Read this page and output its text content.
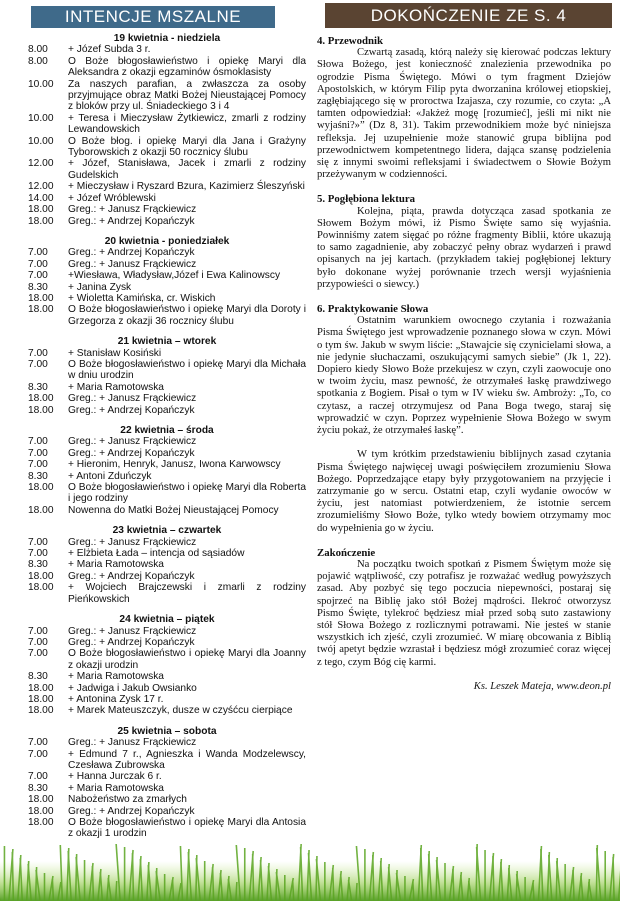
INTENCJE MSZALNE
19 kwietnia - niedziela
8.00	+ Józef Subda 3 r.
8.00	O Boże błogosławieństwo i opiekę Maryi dla Aleksandra z okazji egzaminów ósmoklasisty
10.00	Za naszych parafian, a zwłaszcza za osoby przyjmujące obraz Matki Bożej Nieustającej Pomocy z bloków przy ul. Śniadeckiego 3 i 4
10.00	+ Teresa i Mieczysław Żytkiewicz, zmarli z rodziny Lewandowskich
10.00	O Boże błog. i opiekę Maryi dla Jana i Grażyny Tyborowskich z okazji 50 rocznicy ślubu
12.00	+ Józef, Stanisława, Jacek i zmarli z rodziny Gudelskich
12.00	+ Mieczysław i Ryszard Bzura, Kazimierz Śleszyński
14.00	+ Józef Wróblewski
18.00	Greg.: + Janusz Frąckiewicz
18.00	Greg.: + Andrzej Kopańczyk
20 kwietnia - poniedziałek
7.00	Greg.: + Andrzej Kopańczyk
7.00	Greg.: + Janusz Frąckiewicz
7.00	+Wiesława, Władysław,Józef i Ewa Kalinowscy
8.30	+ Janina Zysk
18.00	+ Wioletta Kamińska, cr. Wiskich
18.00	O Boże błogosławieństwo i opiekę Maryi dla Doroty i Grzegorza z okazji 36 rocznicy ślubu
21 kwietnia – wtorek
7.00	+ Stanisław Kosiński
7.00	O Boże błogosławieństwo i opiekę Maryi dla Michała w dniu urodzin
8.30	+ Maria Ramotowska
18.00	Greg.: + Janusz Frąckiewicz
18.00	Greg.: + Andrzej Kopańczyk
22 kwietnia – środa
7.00	Greg.: + Janusz Frąckiewicz
7.00	Greg.: + Andrzej Kopańczyk
7.00	+ Hieronim, Henryk, Janusz, Iwona Karwowscy
8.30	+ Antoni Zduńczyk
18.00	O Boże błogosławieństwo i opiekę Maryi dla Roberta i jego rodziny
18.00	Nowenna do Matki Bożej Nieustającej Pomocy
23 kwietnia – czwartek
7.00	Greg.: + Janusz Frąckiewicz
7.00	+ Elżbieta Łada – intencja od sąsiadów
8.30	+ Maria Ramotowska
18.00	Greg.: + Andrzej Kopańczyk
18.00	+ Wojciech Brajczewski i zmarli z rodziny Pieńkowskich
24 kwietnia – piątek
7.00	Greg.: + Janusz Frąckiewicz
7.00	Greg.: + Andrzej Kopańczyk
7.00	O Boże błogosławieństwo i opiekę Maryi dla Joanny z okazji urodzin
8.30	+ Maria Ramotowska
18.00	+ Jadwiga i Jakub Owsianko
18.00	+ Antonina Zysk 17 r.
18.00	+ Marek Mateuszczyk, dusze w czyśćcu cierpiące
25 kwietnia – sobota
7.00	Greg.: + Janusz Frąckiewicz
7.00	+ Edmund 7 r., Agnieszka i Wanda Modzelewscy, Czesława Zubrowska
7.00	+ Hanna Jurczak 6 r.
8.30	+ Maria Ramotowska
18.00	Nabożeństwo za zmarłych
18.00	Greg.: + Andrzej Kopańczyk
18.00	O Boże błogosławieństwo i opiekę Maryi dla Antosia z okazji 1 urodzin
DOKOŃCZENIE ZE S. 4
4. Przewodnik

Czwartą zasadą, którą należy się kierować podczas lektury Słowa Bożego, jest konieczność znalezienia przewodnika po ogrodzie Pisma Świętego. Mówi o tym fragment Dziejów Apostolskich, w którym Filip pyta dworzanina królowej etiopskiej, zagłębiającego się w proroctwa Izajasza, czy rozumie, co czyta: „A tamten odpowiedział: «Jakżeż mogę [rozumieć], jeśli mi nikt nie wyjaśni?»” (Dz 8, 31). Takim przewodnikiem może być niniejsza refleksja. Jej uzupełnienie może stanowić grupa biblijna pod przewodnictwem kompetentnego lidera, dająca szansę podzielenia się z innymi swoimi refleksjami i świadectwem o Słowie Bożym przeżywanym w codzienności.

5. Pogłębiona lektura

Kolejna, piąta, prawda dotycząca zasad spotkania ze Słowem Bożym mówi, iż Pismo Święte samo się wyjaśnia. Powinniśmy zatem sięgać po różne fragmenty Biblii, które ukazują to samo zagadnienie, aby zobaczyć pełny obraz wydarzeń i prawd opisanych na jej kartach. (przykładem takiej pogłębionej lektury było dokonane wyżej porównanie trzech wersji wyjaśnienia przypowieści o siewcy.)

6. Praktykowanie Słowa

Ostatnim warunkiem owocnego czytania i rozważania Pisma Świętego jest wprowadzenie poznanego słowa w czyn. Mówi o tym św. Jakub w swym liście: „Stawajcie się czynicielami słowa, a nie jedynie słuchaczami, oszukującymi samych siebie” (Jk 1, 22). Dopiero kiedy Słowo Boże przekujesz w czyn, czyli zaowocuje ono w twoim życiu, masz pewność, że otrzymałeś łaskę prawdziwego spotkania z Bogiem. Pisał o tym w IV wieku św. Ambroży: „To, co czytasz, a raczej otrzymujesz od Pana Boga twego, staraj się wprowadzić w czyn. Poprzez wypełnienie Słowa Bożego w swym życiu pokaż, że otrzymałeś łaskę”.

W tym krótkim przedstawieniu biblijnych zasad czytania Pisma Świętego najwięcej uwagi poświęciłem zrozumieniu Słowa Bożego. Poprzedzające etapy były przygotowaniem na przyjęcie i zatrzymanie go w sercu. Ostatni etap, czyli wydanie owoców w życiu, jest natomiast potwierdzeniem, że istotnie sercem zrozumieliśmy Słowo Boże, tylko wtedy bowiem otrzymamy moc do wypełnienia go w życiu.

Zakończenie

Na początku twoich spotkań z Pismem Świętym może się pojawić wątpliwość, czy potrafisz je rozważać według powyższych zasad. Aby pozbyć się tego poczucia niepewności, postaraj się spojrzeć na Biblię jako stół Bożej mądrości. Ilekroć otworzysz Pismo Święte, tylekroć będziesz miał przed sobą suto zastawiony stół Słowa Bożego z rozlicznymi potrawami. Nie jesteś w stanie wszystkich ich zjeść, czyli zrozumieć. W miarę obcowania z Biblią twój apetyt będzie wzrastał i będziesz mógł zrozumieć coraz więcej z tego, czym Bóg cię karmi.

Ks. Leszek Mateja, www.deon.pl
